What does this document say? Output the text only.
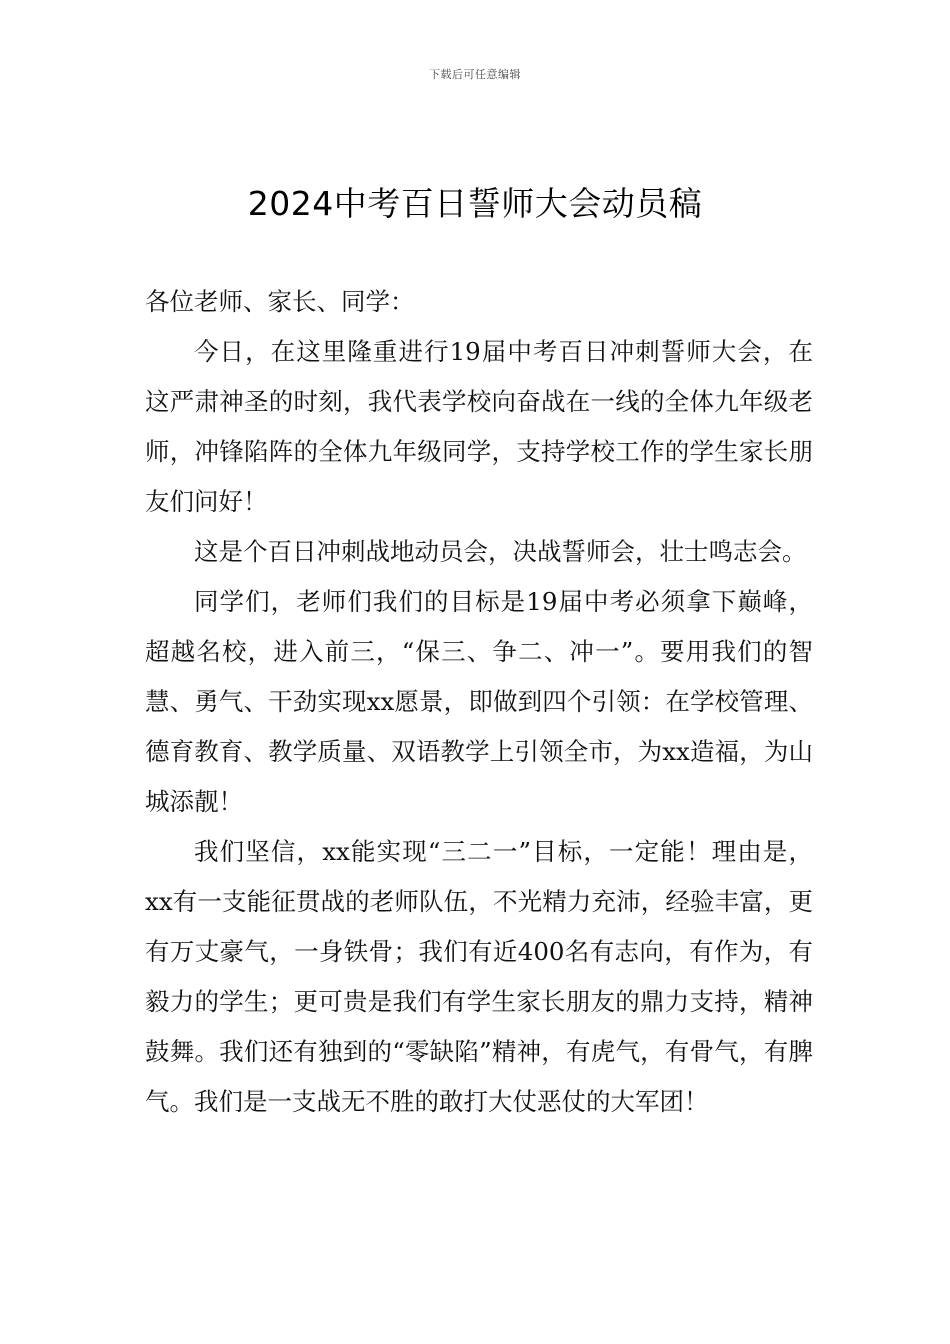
下载后可任意编辑
2024中考百日誓师大会动员稿

各位老师、家长、同学：

今日，在这里隆重进行19届中考百日冲刺誓师大会，在这严肃神圣的时刻，我代表学校向奋战在一线的全体九年级老师，冲锋陷阵的全体九年级同学，支持学校工作的学生家长朋友们问好！

这是个百日冲刺战地动员会，决战誓师会，壮士鸣志会。

同学们，老师们我们的目标是19届中考必须拿下巅峰，超越名校，进入前三，“保三、争二、冲一”。要用我们的智慧、勇气、干劲实现xx愿景，即做到四个引领：在学校管理、德育教育、教学质量、双语教学上引领全市，为xx造福，为山城添靓！

我们坚信，xx能实现“三二一”目标，一定能！理由是，xx有一支能征贯战的老师队伍，不光精力充沛，经验丰富，更有万丈豪气，一身铁骨；我们有近400名有志向，有作为，有毅力的学生；更可贵是我们有学生家长朋友的鼎力支持，精神鼓舞。我们还有独到的“零缺陷”精神，有虎气，有骨气，有脾气。我们是一支战无不胜的敢打大仗恶仗的大军团！
